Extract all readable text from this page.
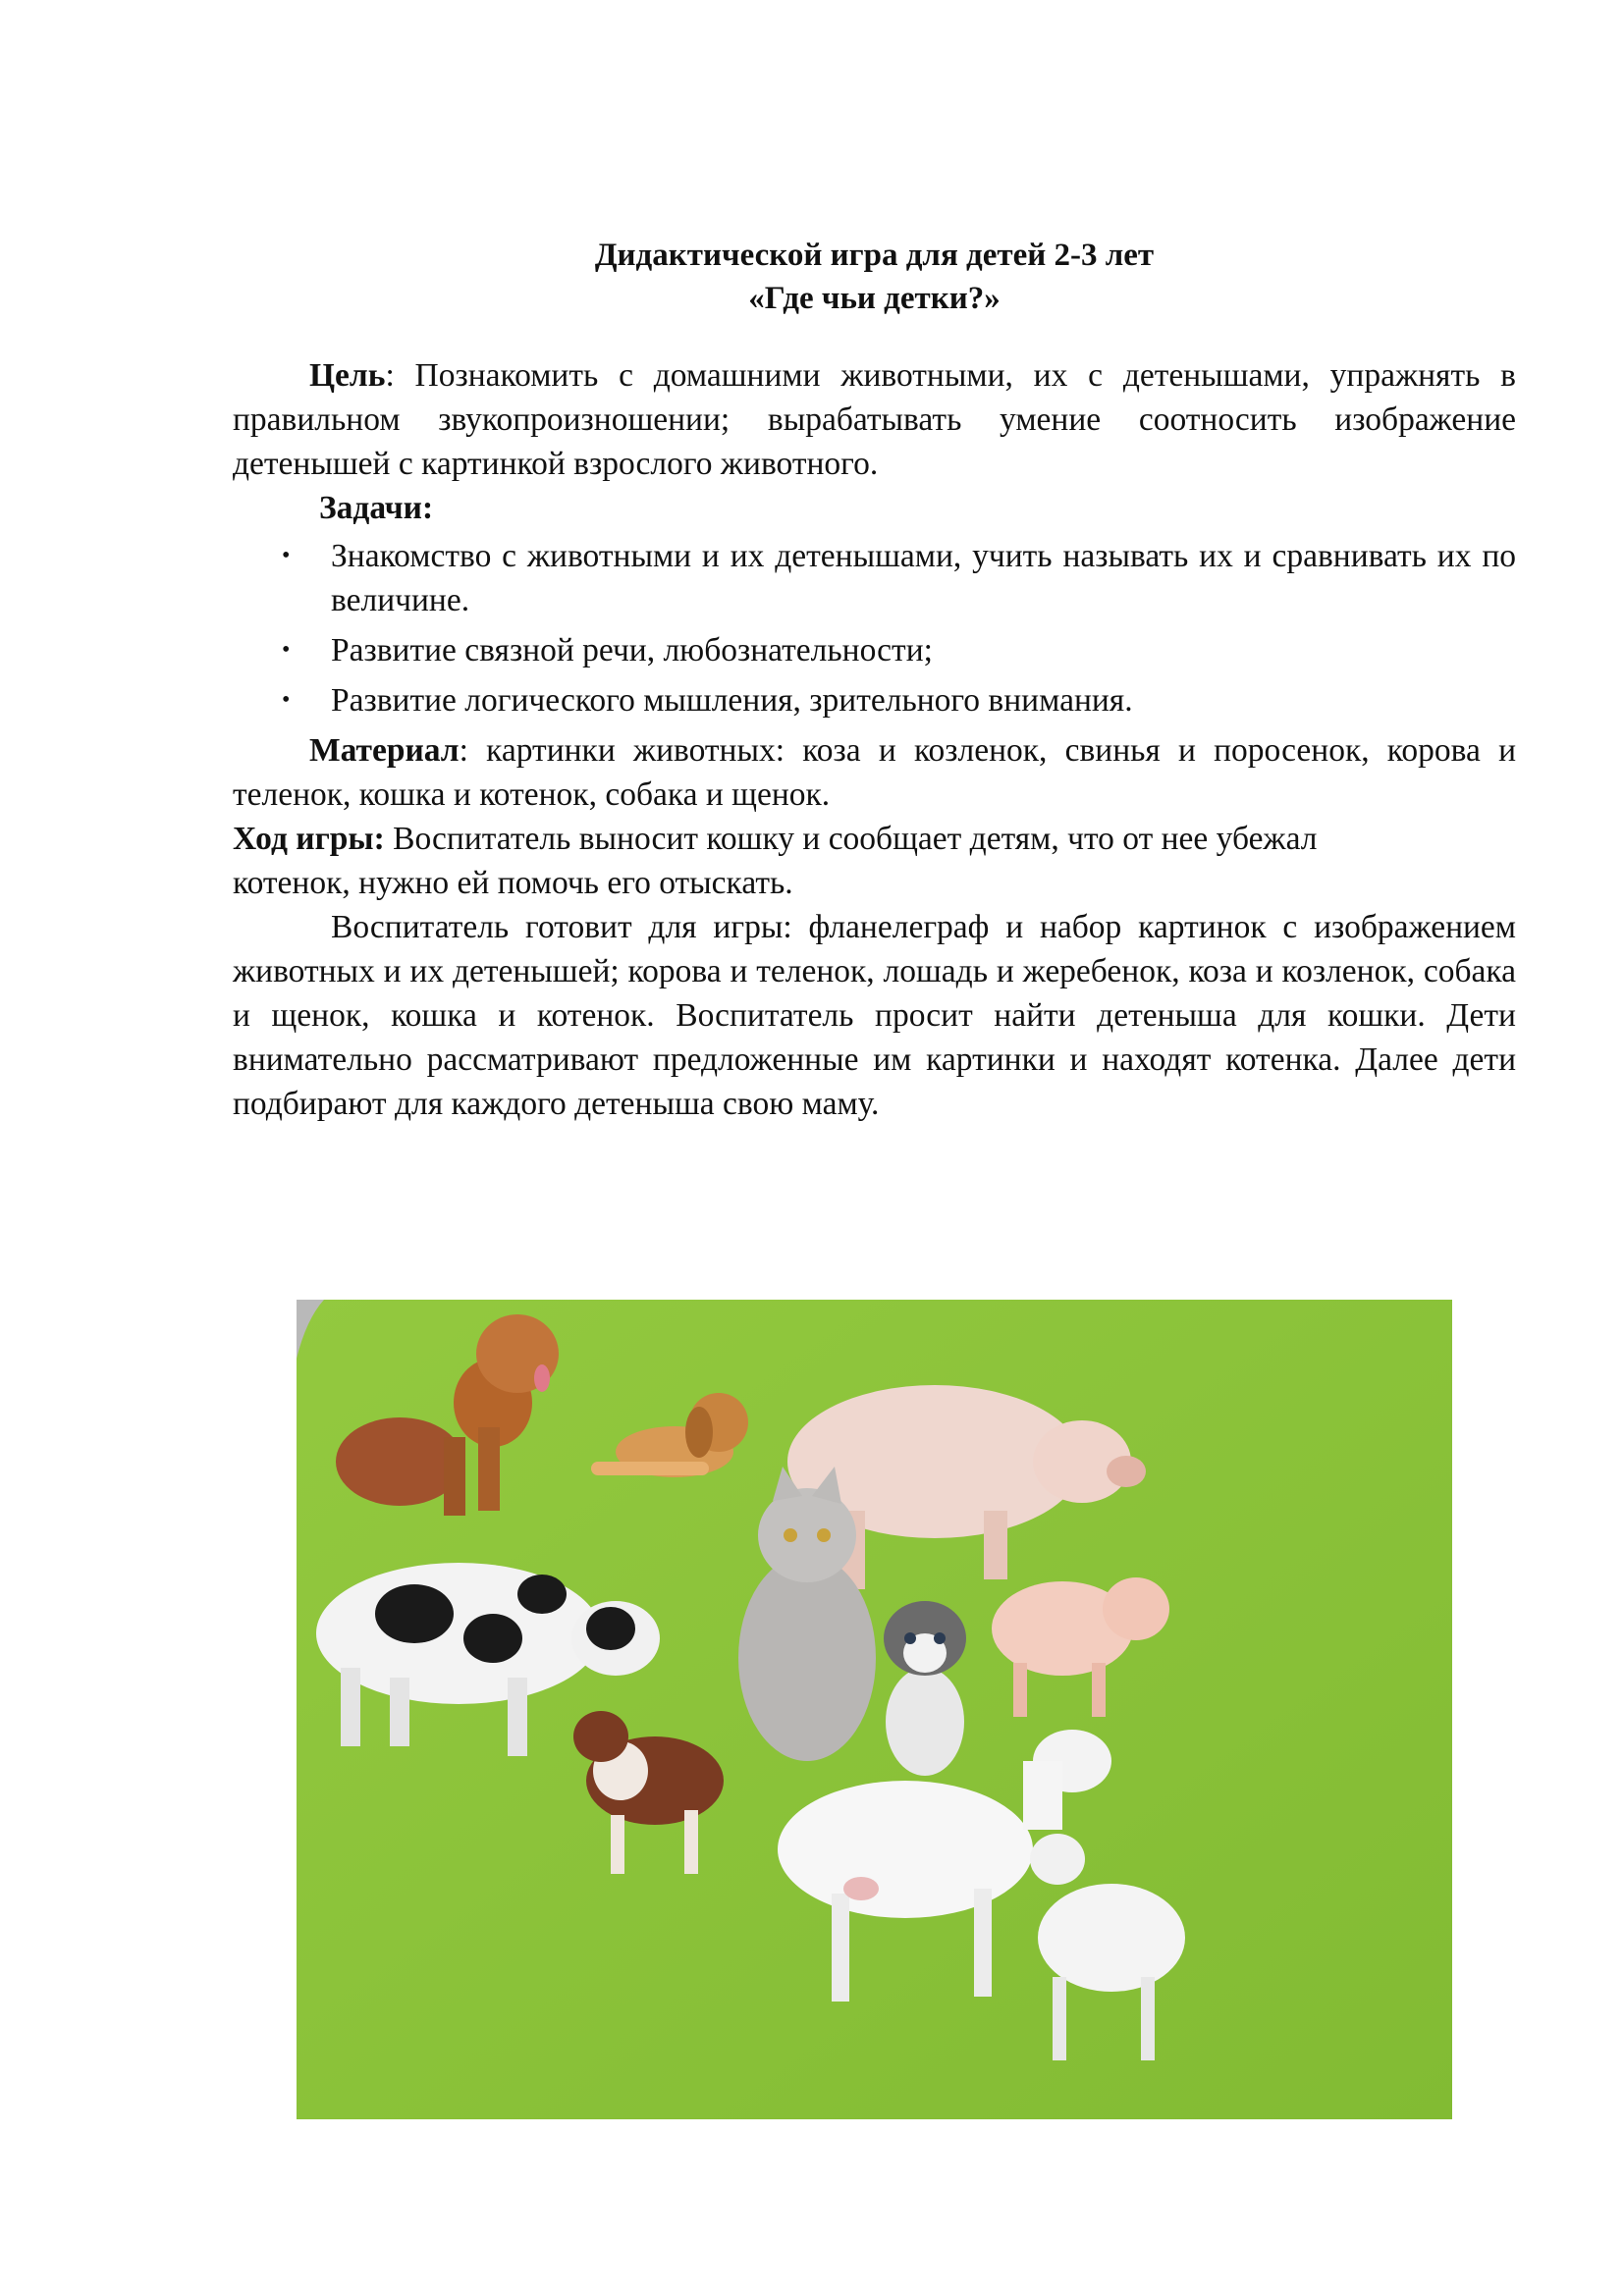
Дидактической игра для детей 2-3 лет
«Где чьи детки?»

Цель: Познакомить с домашними животными, их с детенышами, упражнять в правильном звукопроизношении; вырабатывать умение соотносить изображение детенышей с картинкой взрослого животного.

Задачи:

• Знакомство с животными и их детенышами, учить называть их и сравнивать их по величине.
• Развитие связной речи, любознательности;
• Развитие логического мышления, зрительного внимания.

Материал: картинки животных: коза и козленок, свинья и поросенок, корова и теленок, кошка и котенок, собака и щенок.

Ход игры: Воспитатель выносит кошку и сообщает детям, что от нее убежал котенок, нужно ей помочь его отыскать.

Воспитатель готовит для игры: фланелеграф и набор картинок с изображением животных и их детенышей; корова и теленок, лошадь и жеребенок, коза и козленок, собака и щенок, кошка и котенок. Воспитатель просит найти детеныша для кошки. Дети внимательно рассматривают предложенные им картинки и находят котенка. Далее дети подбирают для каждого детеныша свою маму.
